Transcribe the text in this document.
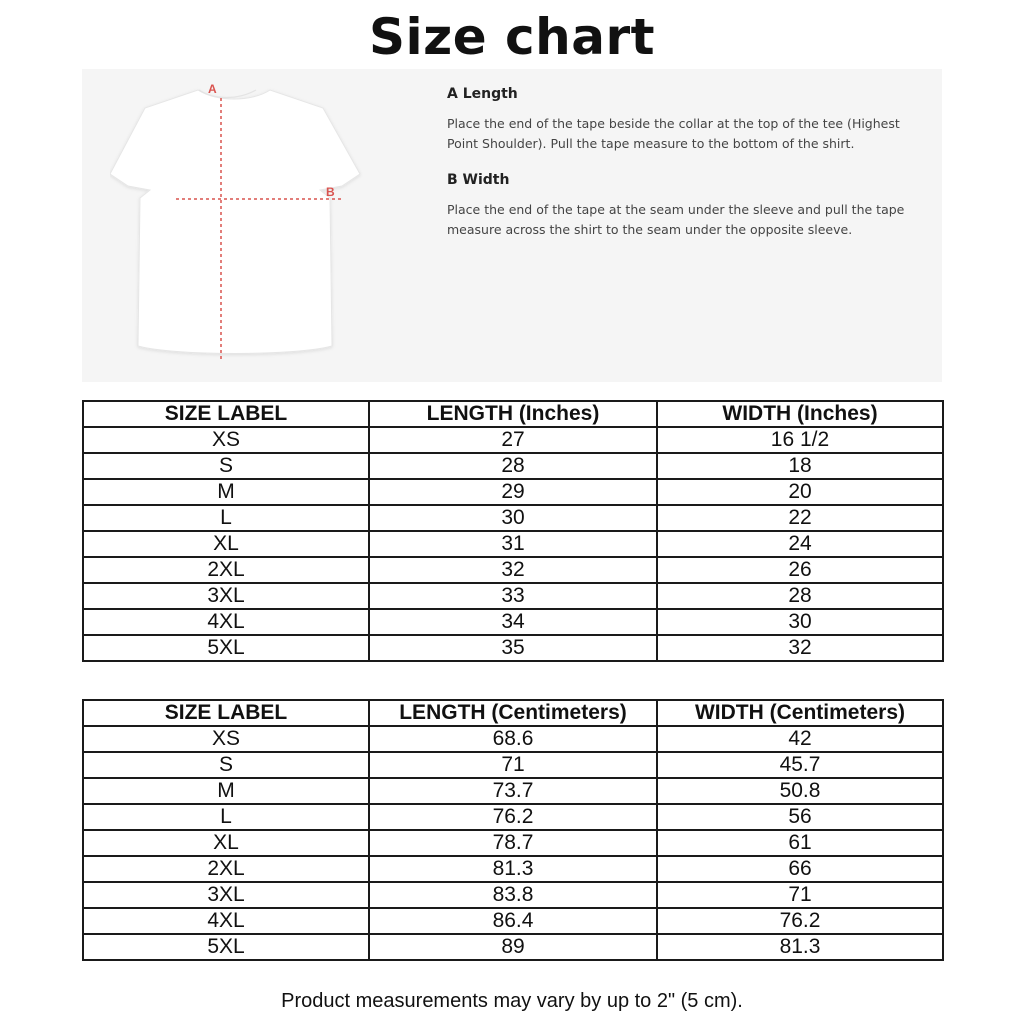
Size chart
A
B

A Length

Place the end of the tape beside the collar at the top of the tee (Highest Point Shoulder). Pull the tape measure to the bottom of the shirt.

B Width

Place the end of the tape at the seam under the sleeve and pull the tape measure across the shirt to the seam under the opposite sleeve.

SIZE LABEL	LENGTH (Inches)	WIDTH (Inches)
XS	27	16 1/2
S	28	18
M	29	20
L	30	22
XL	31	24
2XL	32	26
3XL	33	28
4XL	34	30
5XL	35	32
SIZE LABEL	LENGTH (Centimeters)	WIDTH (Centimeters)
XS	68.6	42
S	71	45.7
M	73.7	50.8
L	76.2	56
XL	78.7	61
2XL	81.3	66
3XL	83.8	71
4XL	86.4	76.2
5XL	89	81.3
Product measurements may vary by up to 2" (5 cm).
